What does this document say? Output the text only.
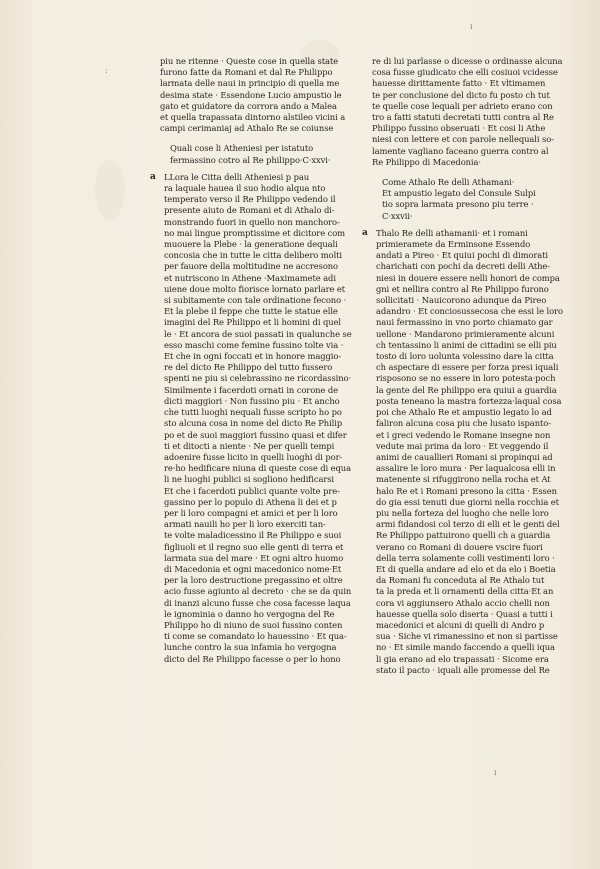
ı
:
ı
piu ne ritenne · Queste cose in quella state
furono fatte da Romani et dal Re Philippo
larmata delle naui in principio di quella me
desima state · Essendone Lucio ampustio le
gato et guidatore da corrora ando a Malea
et quella trapassata dintorno alstileo vicini a
campi cerimaniaj ad Athalo Re se coiunse
Quali cose li Atheniesi per istatuto
fermassino cotro al Re philippo·C·xxvi·
a LLora le Citta delli Atheniesi p pau
ra laquale hauea il suo hodio alqua nto
temperato verso il Re Philippo vedendo il
presente aiuto de Romani et di Athalo di-
monstrando fuori in quello non manchoro-
no mai lingue promptissime et dicitore com
muouere la Plebe · la generatione dequali
concosia che in tutte le citta delibero molti
per fauore della moltitudine ne accresono
et nutriscono in Athene ·Maximamete adi
uiene doue molto fiorisce lornato parlare et
si subitamente con tale ordinatione fecono ·
Et la plebe il feppe che tutte le statue elle
imagini del Re Philippo et li homini di quel
le · Et ancora de suoi passati in qualunche se
esso maschi come femine fussino tolte via ·
Et che in ogni foccati et in honore maggio-
re del dicto Re Philippo del tutto fussero
spenti ne piu si celebrassino ne ricordassino·
Similmente i facerdoti ornati in corone de
dicti maggiori · Non fussino piu · Et ancho
che tutti luoghi nequali fusse scripto ho po
sto alcuna cosa in nome del dicto Re Philip
po et de suoi maggiori fussino quasi et difer
ti et ditocti a niente · Ne per quelli tempi
adoenire fusse licito in quelli luoghi di por-
re·ho hedificare niuna di queste cose di equa
li ne luoghi publici si sogliono hedificarsi
Et che i facerdoti publici quante volte pre-
gassino per lo populo di Athena li dei et p
per li loro compagni et amici et per li loro
armati nauili ho per li loro exerciti tan-
te volte maladicessino il Re Philippo e suoi
figliuoli et il regno suo elle genti di terra et
larmata sua del mare · Et ogni altro huomo
di Macedonia et ogni macedonico nome·Et
per la loro destructione pregassino et oltre
acio fusse agiunto al decreto · che se da quin
di inanzi alcuno fusse che cosa facesse laqua
le ignominia o danno ho vergogna del Re
Philippo ho di niuno de suoi fussino conten
ti come se comandato lo hauessino · Et qua-
lunche contro la sua infamia ho vergogna
dicto del Re Philippo facesse o per lo hono
re di lui parlasse o dicesse o ordinasse alcuna
cosa fusse giudicato che elli cosiuoi vcidesse
hauesse dirittamente fatto · Et vltimamen
te per conclusione del dicto fu posto ch tut
te quelle cose lequali per adrieto erano con
tro a fatti statuti decretati tutti contra al Re
Philippo fussino obseruati · Et cosi li Athe
niesi con lettere et con parole nellequali so-
lamente vagliano faceano guerra contro al
Re Philippo di Macedonia·
Come Athalo Re delli Athamani·
Et ampustio legato del Consule Sulpi
tio sopra larmata presono piu terre ·
C·xxvii·
a Thalo Re delli athamanii· et i romani
primieramete da Erminsone Essendo
andati a Pireo · Et quiui pochi di dimorati
charichati con pochi da decreti delli Athe-
niesi in douere essere nelli honori de compa
gni et nellira contro al Re Philippo furono
sollicitati · Nauicorono adunque da Pireo
adandro · Et conciosussecosa che essi le loro
naui fermassino in vno porto chiamato gar
uellone · Mandarono primieramente alcuni
ch tentassino li animi de cittadini se elli piu
tosto di loro uolunta volessino dare la citta
ch aspectare di essere per forza presi iquali
risposono se no essere in loro potesta·poch
la gente del Re philippo era quiui a guardia
posta teneano la mastra fortezza·laqual cosa
poi che Athalo Re et ampustio legato lo ad
faliron alcuna cosa piu che lusato ispanto-
et i greci vedendo le Romane insegne non
vedute mai prima da loro · Et veggendo il
animi de cauallieri Romani si propinqui ad
assalire le loro mura · Per laqualcosa elli in
matenente si rifuggirono nella rocha et At
halo Re et i Romani presono la citta · Essen
do gia essi tenuti due giorni nella rocchia et
piu nella forteza del luogho che nelle loro
armi fidandosi col terzo di elli et le genti del
Re Philippo pattuirono quelli ch a guardia
verano co Romani di douere vscire fuori
della terra solamente colli vestimenti loro ·
Et di quella andare ad elo et da elo i Boetia
da Romani fu conceduta al Re Athalo tut
ta la preda et li ornamenti della citta·Et an
cora vi aggiunsero Athalo accio chelli non
hauesse quella solo diserta · Quasi a tutti i
macedonici et alcuni di quelli di Andro p
sua · Siche vi rimanessino et non si partisse
no · Et simile mando faccendo a quelli iqua
li gia erano ad elo trapassati · Sicome era
stato il pacto · iquali alle promesse del Re
